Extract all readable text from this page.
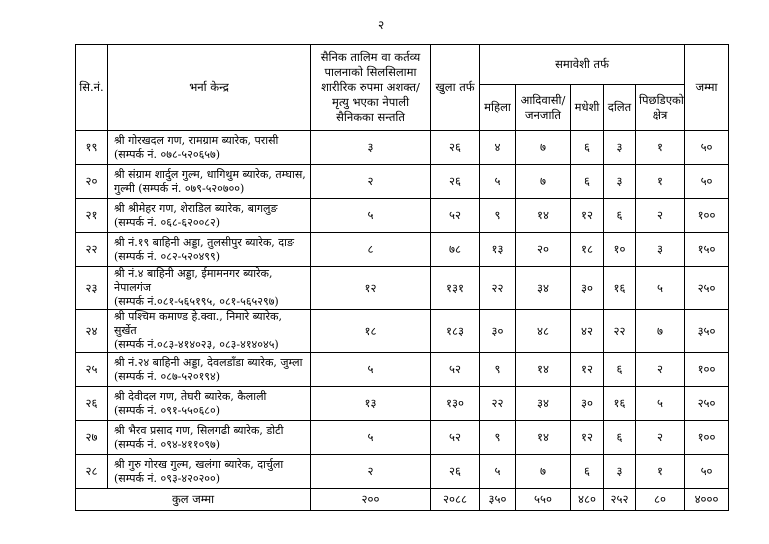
२
सि.नं.	भर्ना केन्द्र	सैनिक तालिम वा कर्तव्य पालनाको सिलसिलामा शारीरिक रुपमा अशक्त/ मृत्यु भएका नेपाली सैनिकका सन्तति	खुला तर्फ	समावेशी तर्फ					जम्मा
				महिला	आदिवासी/ जनजाति	मधेशी	दलित	पिछडिएको क्षेत्र	
१९	श्री गोरखदल गण, रामग्राम ब्यारेक, परासी
(सम्पर्क नं. ०७८-५२०६५७)	३	२६	४	७	६	३	१	५०
२०	श्री संग्राम शार्दुल गुल्म, धागिथुम ब्यारेक, तम्घास,
गुल्मी (सम्पर्क नं. ०७९-५२०७००)	२	२६	५	७	६	३	१	५०
२१	श्री श्रीमेहर गण, शेराडिल ब्यारेक, बागलुङ
(सम्पर्क नं. ०६८-६२००८२)	५	५२	९	१४	१२	६	२	१००
२२	श्री नं.१९ बाहिनी अड्डा, तुलसीपुर ब्यारेक, दाङ
(सम्पर्क नं. ०८२-५२०४९९)	८	७८	१३	२०	१८	१०	३	१५०
२३	श्री नं.४ बाहिनी अड्डा, ईमामनगर ब्यारेक, नेपालगंज
(सम्पर्क नं.०८१-५६५१९५, ०८१-५६५२९७)	१२	१३१	२२	३४	३०	१६	५	२५०
२४	श्री पश्चिम कमाण्ड हे.क्वा., निमारे ब्यारेक, सुर्खेत
(सम्पर्क नं.०८३-४१४०२३, ०८३-४१४०४५)	१८	१८३	३०	४८	४२	२२	७	३५०
२५	श्री नं.२४ बाहिनी अड्डा, देवलडाँडा ब्यारेक, जुम्ला
(सम्पर्क नं. ०८७-५२०१९४)	५	५२	९	१४	१२	६	२	१००
२६	श्री देवीदल गण, तेघरी ब्यारेक, कैलाली
(सम्पर्क नं. ०९१-५५०६८०)	१३	१३०	२२	३४	३०	१६	५	२५०
२७	श्री भैरव प्रसाद गण, सिलगढी ब्यारेक, डोटी
(सम्पर्क नं. ०९४-४११०९७)	५	५२	९	१४	१२	६	२	१००
२८	श्री गुरु गोरख गुल्म, खलंगा ब्यारेक, दार्चुला
(सम्पर्क नं. ०९३-४२०२००)	२	२६	५	७	६	३	१	५०
कुल जम्मा		२००	२०८८	३५०	५५०	४८०	२५२	८०	४०००
